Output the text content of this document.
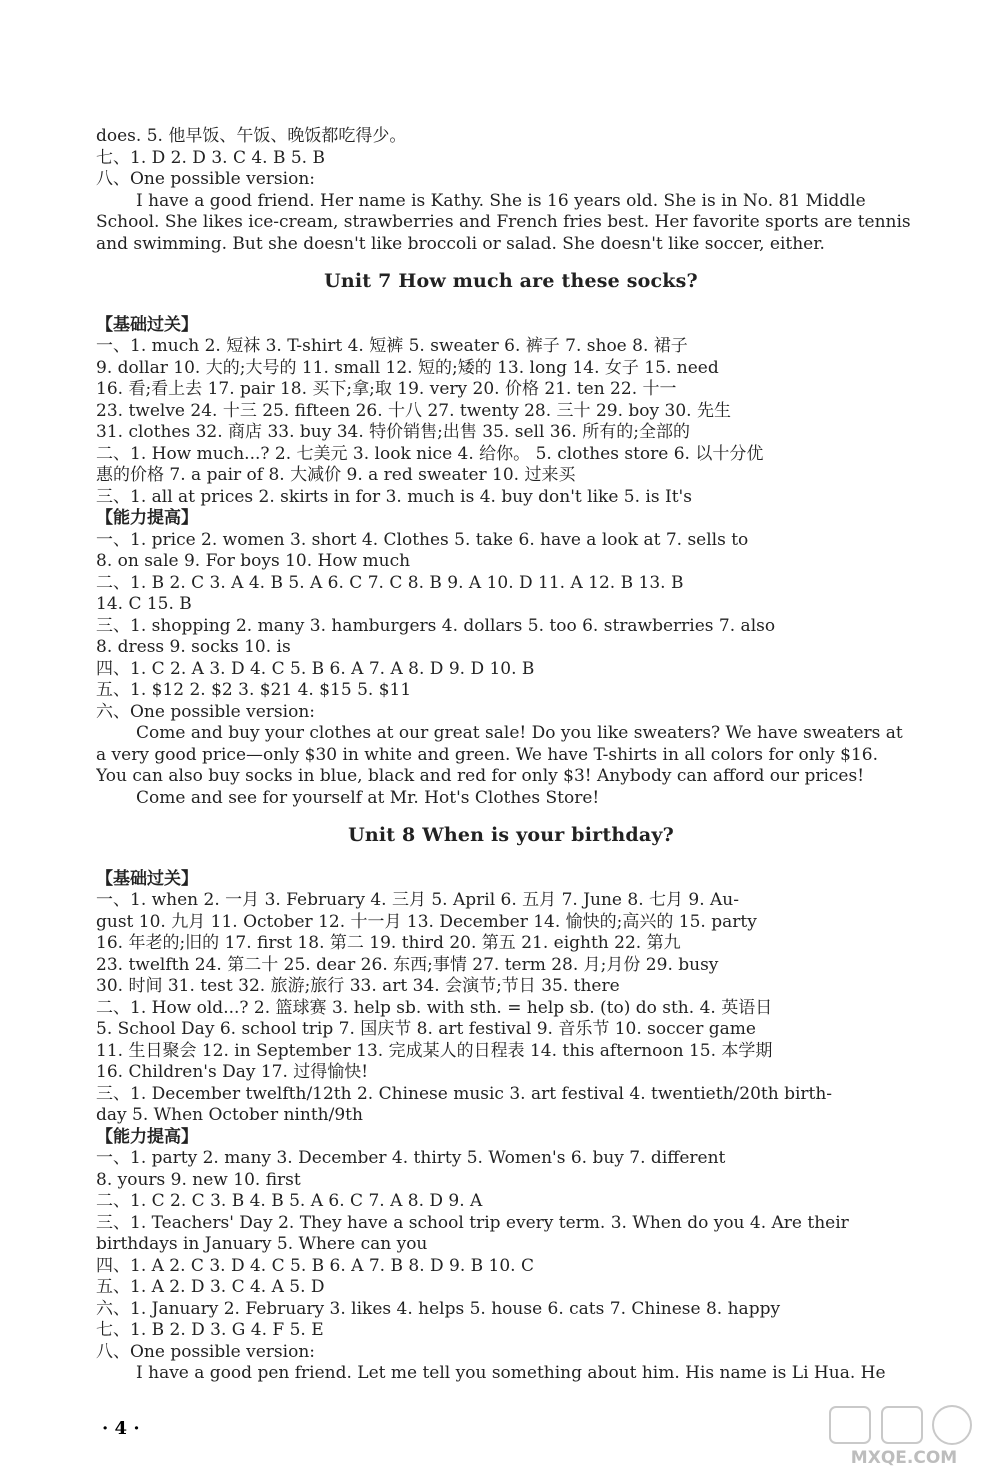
does. 5. 他早饭、午饭、晚饭都吃得少。
七、1. D 2. D 3. C 4. B 5. B
八、One possible version:
I have a good friend. Her name is Kathy. She is 16 years old. She is in No. 81 Middle
School. She likes ice-cream, strawberries and French fries best. Her favorite sports are tennis
and swimming. But she doesn't like broccoli or salad. She doesn't like soccer, either.
Unit 7 How much are these socks?
【基础过关】
一、1. much 2. 短袜 3. T-shirt 4. 短裤 5. sweater 6. 裤子 7. shoe 8. 裙子
9. dollar 10. 大的;大号的 11. small 12. 短的;矮的 13. long 14. 女子 15. need
16. 看;看上去 17. pair 18. 买下;拿;取 19. very 20. 价格 21. ten 22. 十一
23. twelve 24. 十三 25. fifteen 26. 十八 27. twenty 28. 三十 29. boy 30. 先生
31. clothes 32. 商店 33. buy 34. 特价销售;出售 35. sell 36. 所有的;全部的
二、1. How much...? 2. 七美元 3. look nice 4. 给你。 5. clothes store 6. 以十分优
惠的价格 7. a pair of 8. 大减价 9. a red sweater 10. 过来买
三、1. all at prices 2. skirts in for 3. much is 4. buy don't like 5. is It's
【能力提高】
一、1. price 2. women 3. short 4. Clothes 5. take 6. have a look at 7. sells to
8. on sale 9. For boys 10. How much
二、1. B 2. C 3. A 4. B 5. A 6. C 7. C 8. B 9. A 10. D 11. A 12. B 13. B
14. C 15. B
三、1. shopping 2. many 3. hamburgers 4. dollars 5. too 6. strawberries 7. also
8. dress 9. socks 10. is
四、1. C 2. A 3. D 4. C 5. B 6. A 7. A 8. D 9. D 10. B
五、1. $12 2. $2 3. $21 4. $15 5. $11
六、One possible version:
Come and buy your clothes at our great sale! Do you like sweaters? We have sweaters at
a very good price—only $30 in white and green. We have T-shirts in all colors for only $16.
You can also buy socks in blue, black and red for only $3! Anybody can afford our prices!
Come and see for yourself at Mr. Hot's Clothes Store!
Unit 8 When is your birthday?
【基础过关】
一、1. when 2. 一月 3. February 4. 三月 5. April 6. 五月 7. June 8. 七月 9. Au-
gust 10. 九月 11. October 12. 十一月 13. December 14. 愉快的;高兴的 15. party
16. 年老的;旧的 17. first 18. 第二 19. third 20. 第五 21. eighth 22. 第九
23. twelfth 24. 第二十 25. dear 26. 东西;事情 27. term 28. 月;月份 29. busy
30. 时间 31. test 32. 旅游;旅行 33. art 34. 会演节;节日 35. there
二、1. How old...? 2. 篮球赛 3. help sb. with sth. = help sb. (to) do sth. 4. 英语日
5. School Day 6. school trip 7. 国庆节 8. art festival 9. 音乐节 10. soccer game
11. 生日聚会 12. in September 13. 完成某人的日程表 14. this afternoon 15. 本学期
16. Children's Day 17. 过得愉快!
三、1. December twelfth/12th 2. Chinese music 3. art festival 4. twentieth/20th birth-
day 5. When October ninth/9th
【能力提高】
一、1. party 2. many 3. December 4. thirty 5. Women's 6. buy 7. different
8. yours 9. new 10. first
二、1. C 2. C 3. B 4. B 5. A 6. C 7. A 8. D 9. A
三、1. Teachers' Day 2. They have a school trip every term. 3. When do you 4. Are their
birthdays in January 5. Where can you
四、1. A 2. C 3. D 4. C 5. B 6. A 7. B 8. D 9. B 10. C
五、1. A 2. D 3. C 4. A 5. D
六、1. January 2. February 3. likes 4. helps 5. house 6. cats 7. Chinese 8. happy
七、1. B 2. D 3. G 4. F 5. E
八、One possible version:
I have a good pen friend. Let me tell you something about him. His name is Li Hua. He
· 4 ·
MXQE.COM
